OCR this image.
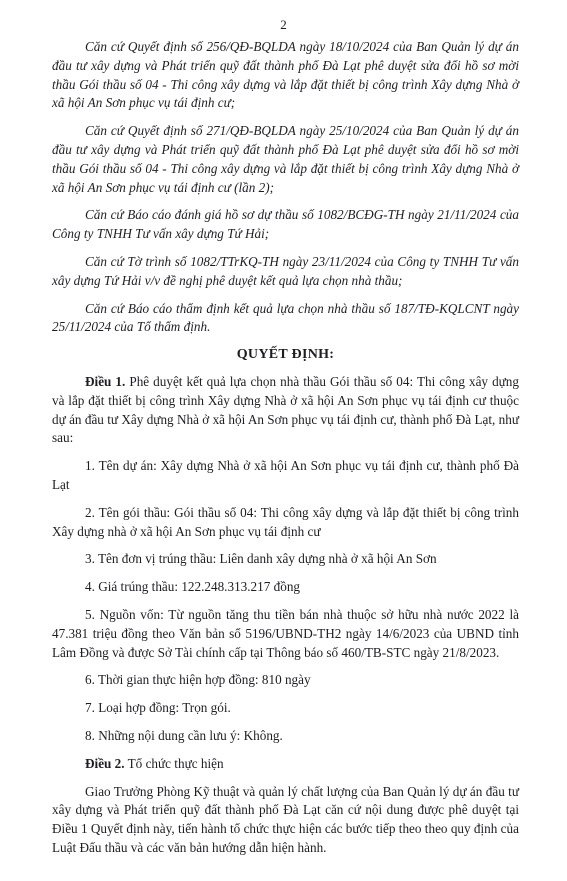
2

Căn cứ Quyết định số 256/QĐ-BQLDA ngày 18/10/2024 của Ban Quản lý dự án đầu tư xây dựng và Phát triển quỹ đất thành phố Đà Lạt phê duyệt sửa đổi hồ sơ mời thầu Gói thầu số 04 - Thi công xây dựng và lắp đặt thiết bị công trình Xây dựng Nhà ở xã hội An Sơn phục vụ tái định cư;

Căn cứ Quyết định số 271/QĐ-BQLDA ngày 25/10/2024 của Ban Quản lý dự án đầu tư xây dựng và Phát triển quỹ đất thành phố Đà Lạt phê duyệt sửa đổi hồ sơ mời thầu Gói thầu số 04 - Thi công xây dựng và lắp đặt thiết bị công trình Xây dựng Nhà ở xã hội An Sơn phục vụ tái định cư (lần 2);

Căn cứ Báo cáo đánh giá hồ sơ dự thầu số 1082/BCĐG-TH ngày 21/11/2024 của Công ty TNHH Tư vấn xây dựng Tứ Hải;

Căn cứ Tờ trình số 1082/TTrKQ-TH ngày 23/11/2024 của Công ty TNHH Tư vấn xây dựng Tứ Hải v/v đề nghị phê duyệt kết quả lựa chọn nhà thầu;

Căn cứ Báo cáo thẩm định kết quả lựa chọn nhà thầu số 187/TĐ-KQLCNT ngày 25/11/2024 của Tổ thẩm định.

QUYẾT ĐỊNH:

Điều 1. Phê duyệt kết quả lựa chọn nhà thầu Gói thầu số 04: Thi công xây dựng và lắp đặt thiết bị công trình Xây dựng Nhà ở xã hội An Sơn phục vụ tái định cư thuộc dự án đầu tư Xây dựng Nhà ở xã hội An Sơn phục vụ tái định cư, thành phố Đà Lạt, như sau:

1. Tên dự án: Xây dựng Nhà ở xã hội An Sơn phục vụ tái định cư, thành phố Đà Lạt

2. Tên gói thầu: Gói thầu số 04: Thi công xây dựng và lắp đặt thiết bị công trình Xây dựng nhà ở xã hội An Sơn phục vụ tái định cư

3. Tên đơn vị trúng thầu: Liên danh xây dựng nhà ở xã hội An Sơn

4. Giá trúng thầu: 122.248.313.217 đồng

5. Nguồn vốn: Từ nguồn tăng thu tiền bán nhà thuộc sở hữu nhà nước 2022 là 47.381 triệu đồng theo Văn bản số 5196/UBND-TH2 ngày 14/6/2023 của UBND tỉnh Lâm Đồng và được Sở Tài chính cấp tại Thông báo số 460/TB-STC ngày 21/8/2023.

6. Thời gian thực hiện hợp đồng: 810 ngày

7. Loại hợp đồng: Trọn gói.

8. Những nội dung cần lưu ý: Không.

Điều 2. Tổ chức thực hiện

Giao Trưởng Phòng Kỹ thuật và quản lý chất lượng của Ban Quản lý dự án đầu tư xây dựng và Phát triển quỹ đất thành phố Đà Lạt căn cứ nội dung được phê duyệt tại Điều 1 Quyết định này, tiến hành tổ chức thực hiện các bước tiếp theo theo quy định của Luật Đấu thầu và các văn bản hướng dẫn hiện hành.
